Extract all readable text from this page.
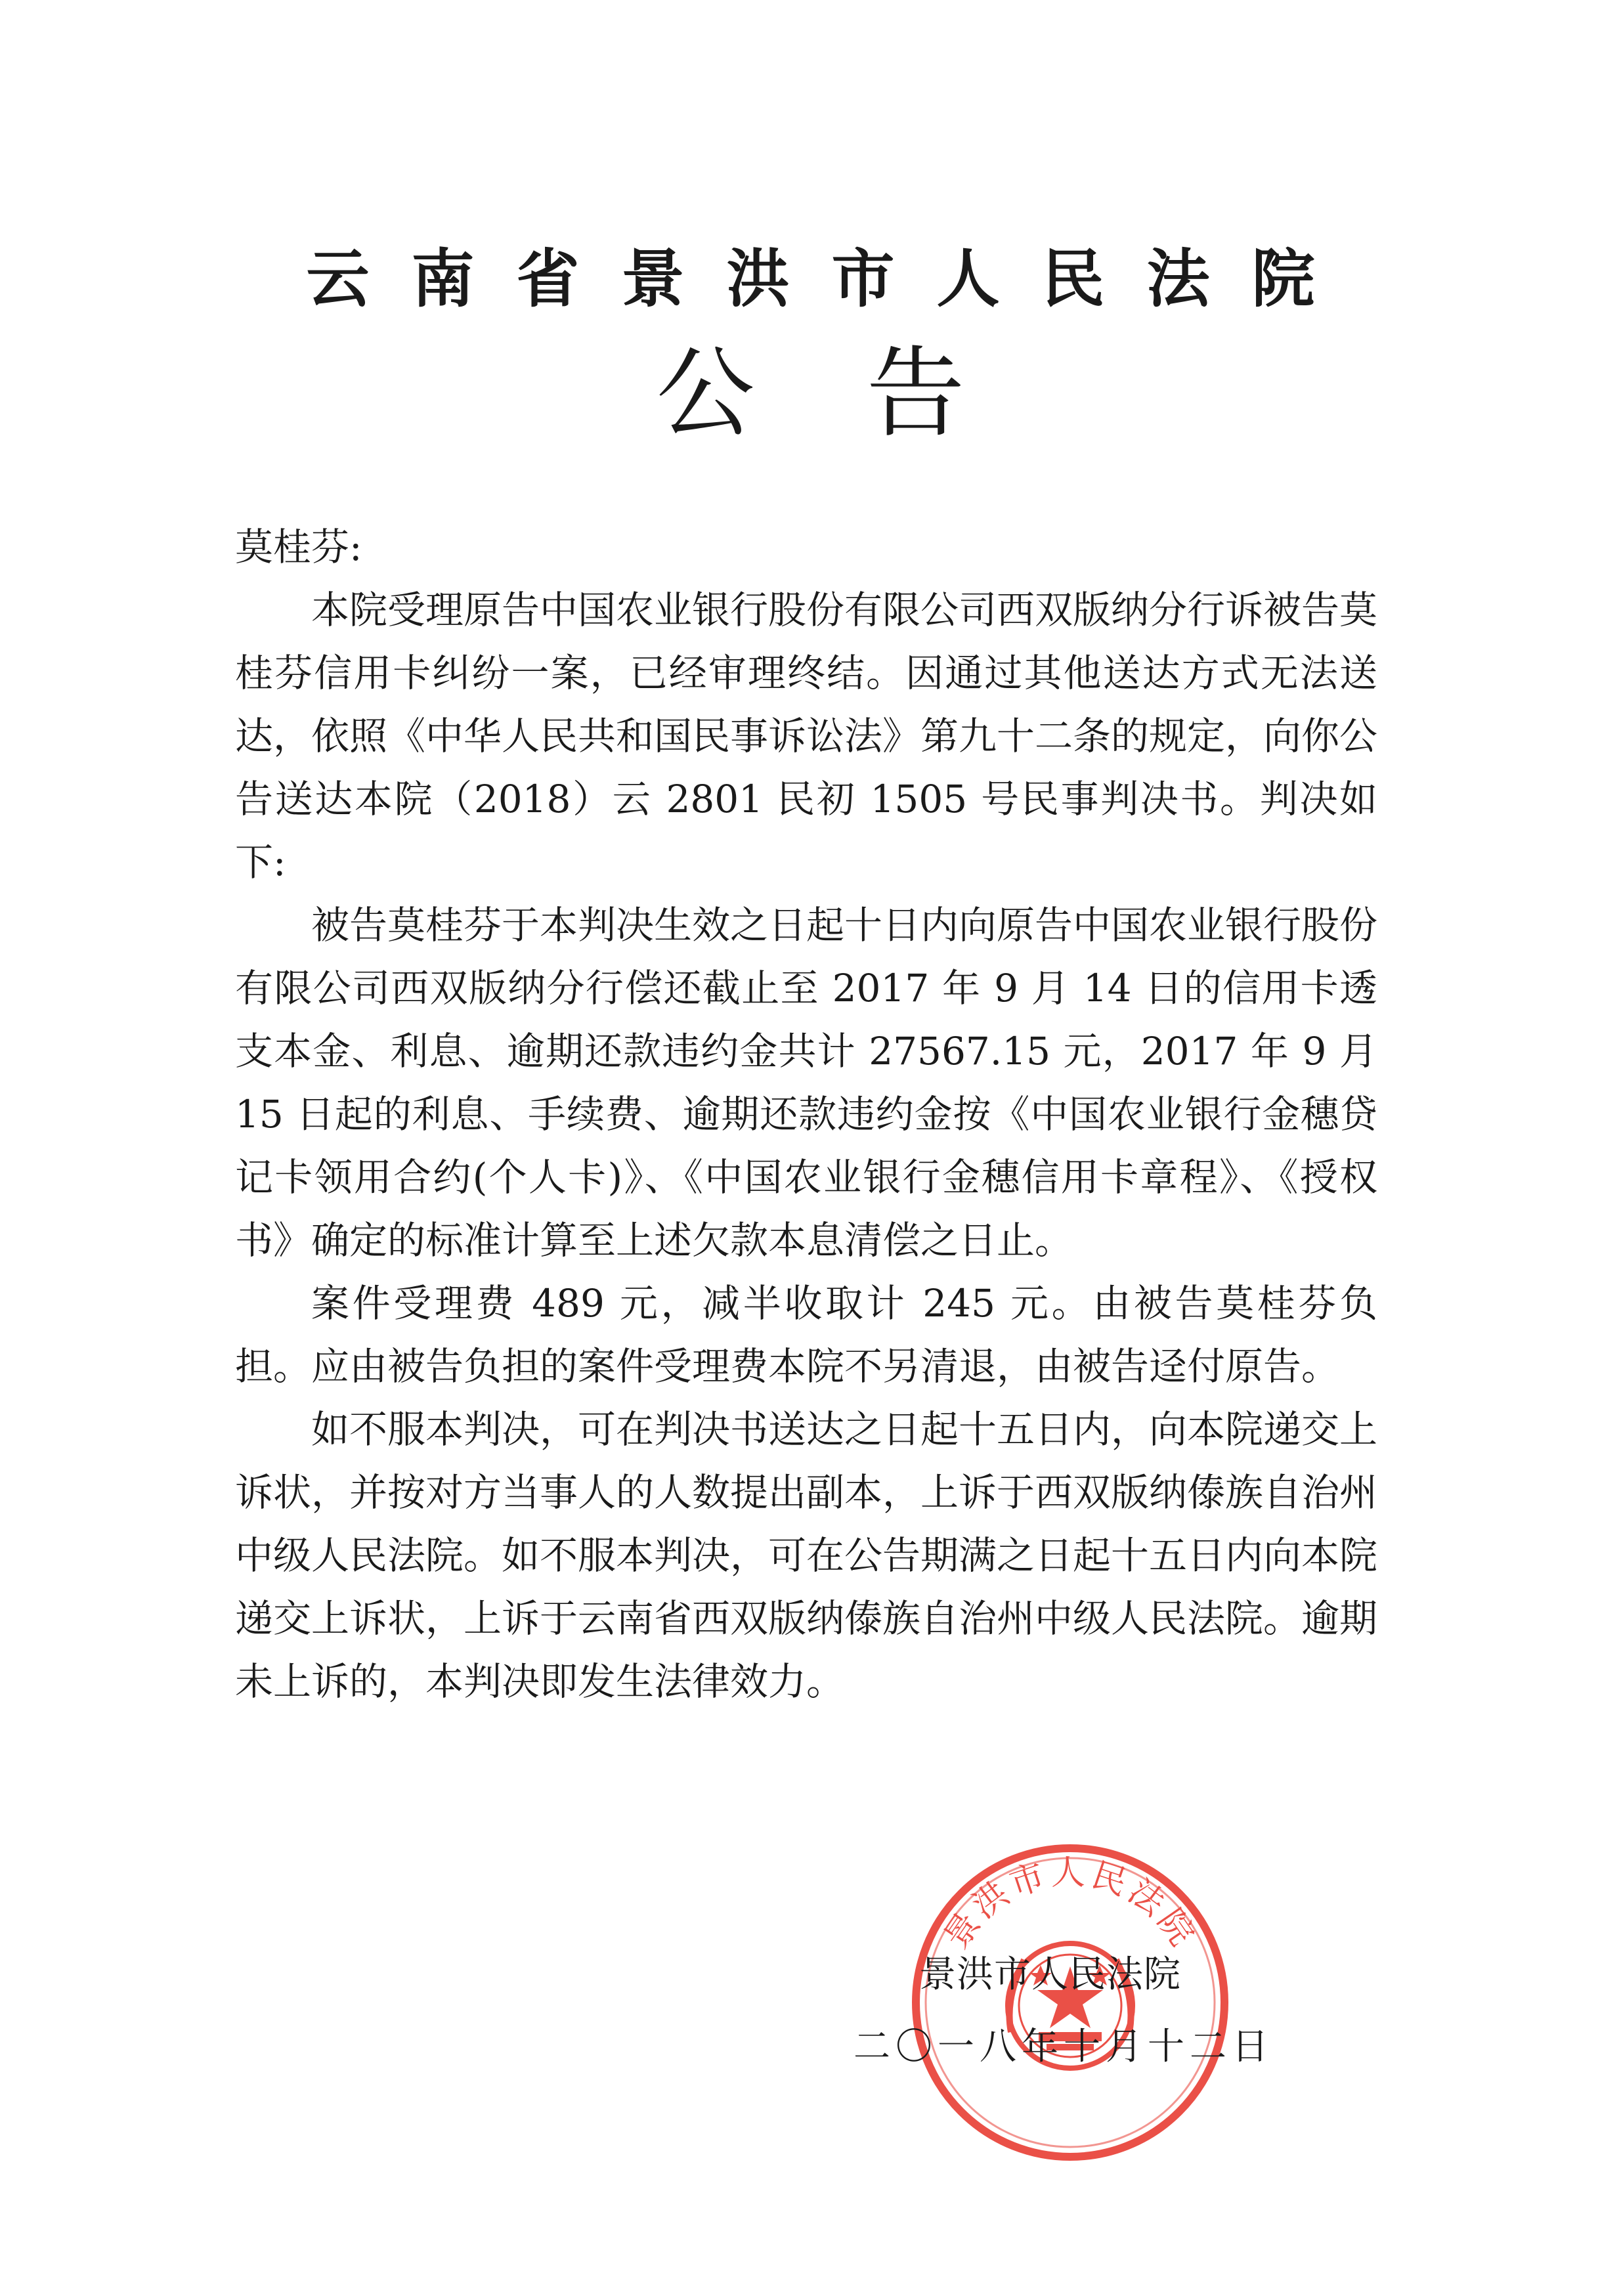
云南省景洪市人民法院
公告

莫桂芬:

本院受理原告中国农业银行股份有限公司西双版纳分行诉被告莫桂芬信用卡纠纷一案，已经审理终结。因通过其他送达方式无法送达，依照《中华人民共和国民事诉讼法》第九十二条的规定，向你公告送达本院（2018）云 2801 民初 1505 号民事判决书。判决如下:

被告莫桂芬于本判决生效之日起十日内向原告中国农业银行股份有限公司西双版纳分行偿还截止至 2017 年 9 月 14 日的信用卡透支本金、利息、逾期还款违约金共计 27567.15 元，2017 年 9 月 15 日起的利息、手续费、逾期还款违约金按《中国农业银行金穗贷记卡领用合约(个人卡)》、《中国农业银行金穗信用卡章程》、《授权书》确定的标准计算至上述欠款本息清偿之日止。

案件受理费 489 元，减半收取计 245 元。由被告莫桂芬负担。应由被告负担的案件受理费本院不另清退，由被告迳付原告。

如不服本判决，可在判决书送达之日起十五日内，向本院递交上诉状，并按对方当事人的人数提出副本，上诉于西双版纳傣族自治州中级人民法院。如不服本判决，可在公告期满之日起十五日内向本院递交上诉状，上诉于云南省西双版纳傣族自治州中级人民法院。逾期未上诉的，本判决即发生法律效力。

景洪市人民法院
景洪市人民法院
二〇一八年十月十二日
